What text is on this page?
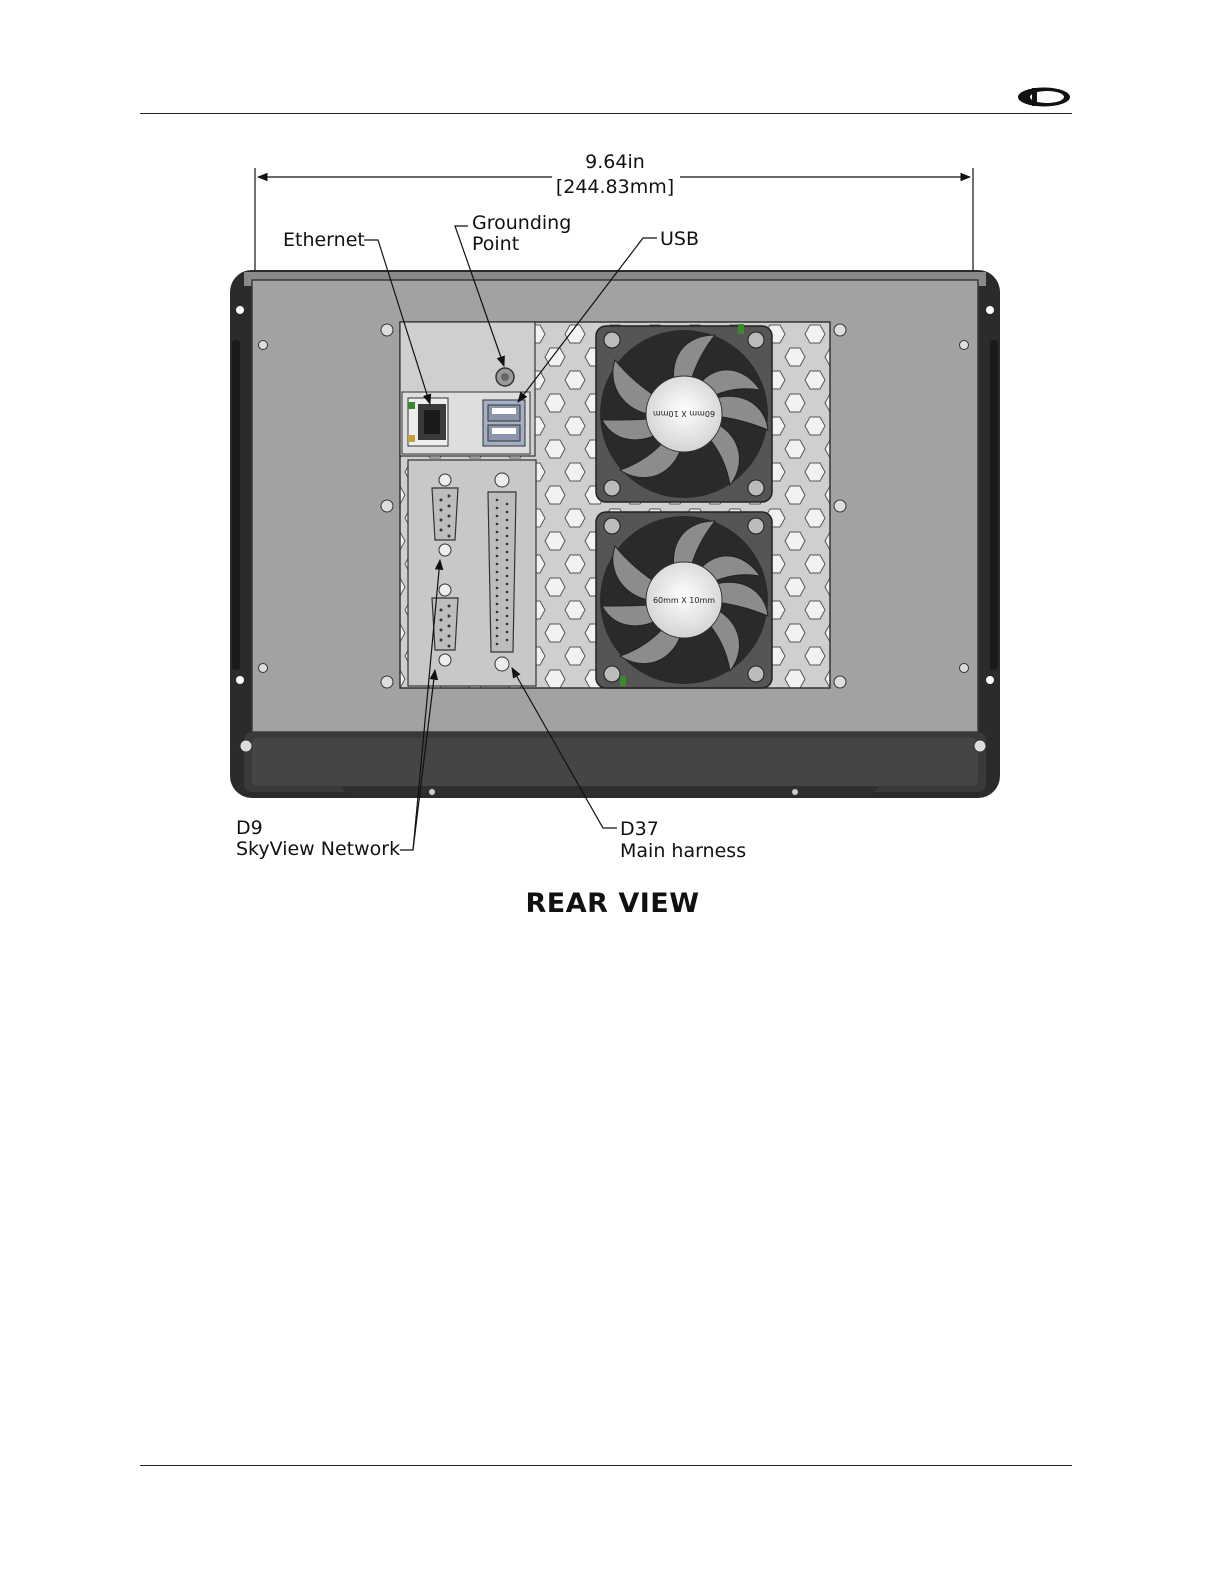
60mm X 10mm
60mm X 10mm
9.64in
[244.83mm]
Ethernet
Grounding
Point	USB
D9
SkyView Network
D37
Main harness
REAR VIEW
